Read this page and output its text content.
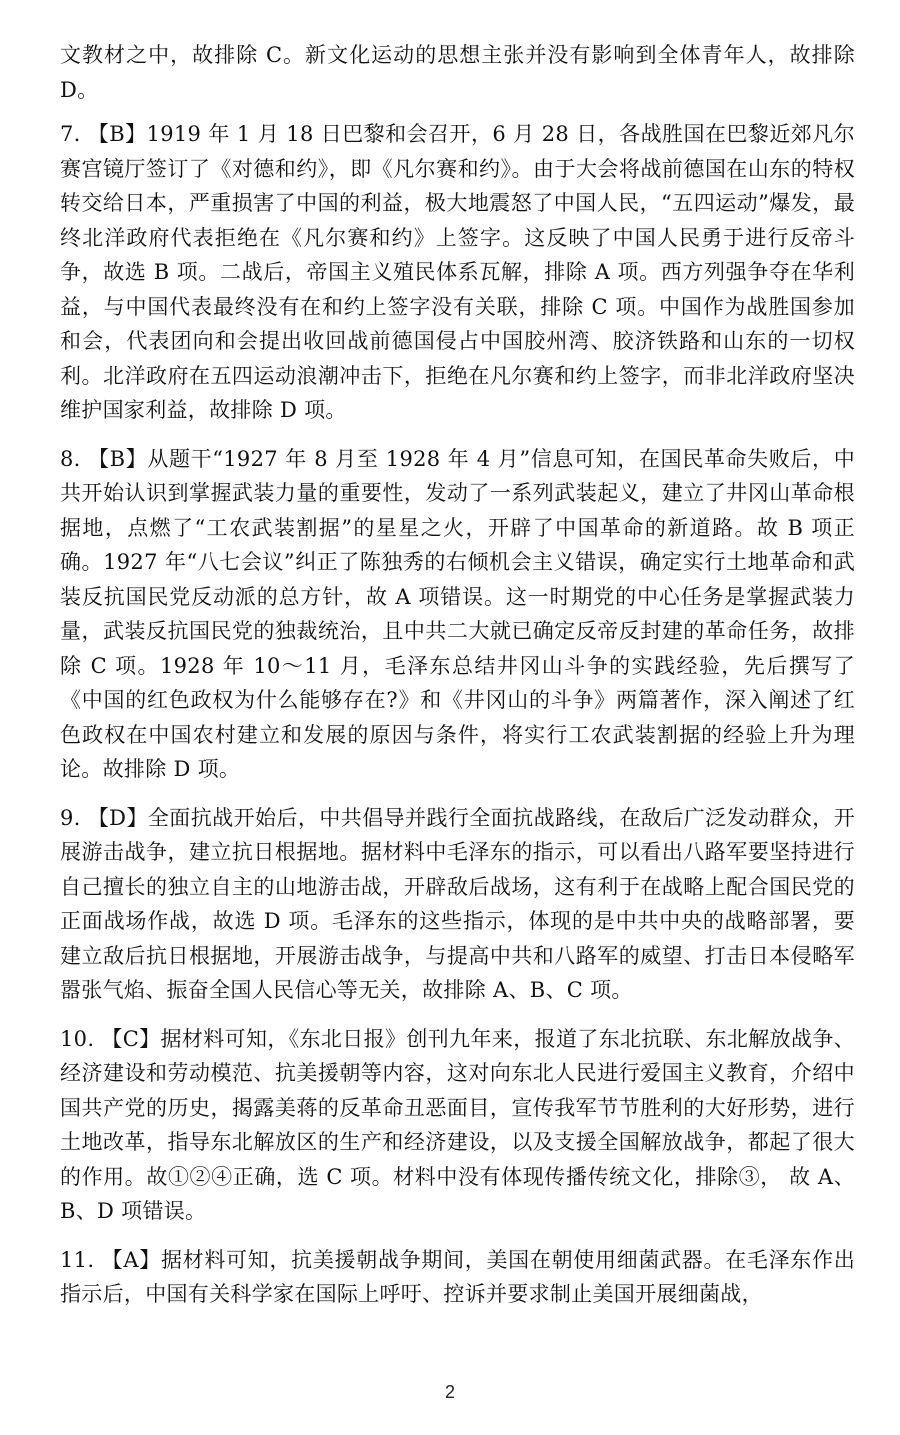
文教材之中，故排除 C。新文化运动的思想主张并没有影响到全体青年人，故排除D。

7. 【B】1919 年 1 月 18 日巴黎和会召开，6 月 28 日，各战胜国在巴黎近郊凡尔赛宫镜厅签订了《对德和约》，即《凡尔赛和约》。由于大会将战前德国在山东的特权转交给日本，严重损害了中国的利益，极大地震怒了中国人民，“五四运动”爆发，最终北洋政府代表拒绝在《凡尔赛和约》上签字。这反映了中国人民勇于进行反帝斗争，故选 B 项。二战后，帝国主义殖民体系瓦解，排除 A 项。西方列强争夺在华利益，与中国代表最终没有在和约上签字没有关联，排除 C 项。中国作为战胜国参加和会，代表团向和会提出收回战前德国侵占中国胶州湾、胶济铁路和山东的一切权利。北洋政府在五四运动浪潮冲击下，拒绝在凡尔赛和约上签字，而非北洋政府坚决维护国家利益，故排除 D 项。

8. 【B】从题干“1927 年 8 月至 1928 年 4 月”信息可知，在国民革命失败后，中共开始认识到掌握武装力量的重要性，发动了一系列武装起义，建立了井冈山革命根据地，点燃了“工农武装割据”的星星之火，开辟了中国革命的新道路。故 B 项正确。1927 年“八七会议”纠正了陈独秀的右倾机会主义错误，确定实行土地革命和武装反抗国民党反动派的总方针，故 A 项错误。这一时期党的中心任务是掌握武装力量，武装反抗国民党的独裁统治，且中共二大就已确定反帝反封建的革命任务，故排除 C 项。1928 年 10～11 月，毛泽东总结井冈山斗争的实践经验，先后撰写了《中国的红色政权为什么能够存在?》和《井冈山的斗争》两篇著作，深入阐述了红色政权在中国农村建立和发展的原因与条件，将实行工农武装割据的经验上升为理论。故排除 D 项。

9. 【D】全面抗战开始后，中共倡导并践行全面抗战路线，在敌后广泛发动群众，开展游击战争，建立抗日根据地。据材料中毛泽东的指示，可以看出八路军要坚持进行自己擅长的独立自主的山地游击战，开辟敌后战场，这有利于在战略上配合国民党的正面战场作战，故选 D 项。毛泽东的这些指示，体现的是中共中央的战略部署，要建立敌后抗日根据地，开展游击战争，与提高中共和八路军的威望、打击日本侵略军嚣张气焰、振奋全国人民信心等无关，故排除 A、B、C 项。

10. 【C】据材料可知，《东北日报》创刊九年来，报道了东北抗联、东北解放战争、经济建设和劳动模范、抗美援朝等内容，这对向东北人民进行爱国主义教育，介绍中国共产党的历史，揭露美蒋的反革命丑恶面目，宣传我军节节胜利的大好形势，进行土地改革，指导东北解放区的生产和经济建设，以及支援全国解放战争，都起了很大的作用。故①②④正确，选 C 项。材料中没有体现传播传统文化，排除③， 故 A、B、D 项错误。

11. 【A】据材料可知，抗美援朝战争期间，美国在朝使用细菌武器。在毛泽东作出指示后，中国有关科学家在国际上呼吁、控诉并要求制止美国开展细菌战，

2
